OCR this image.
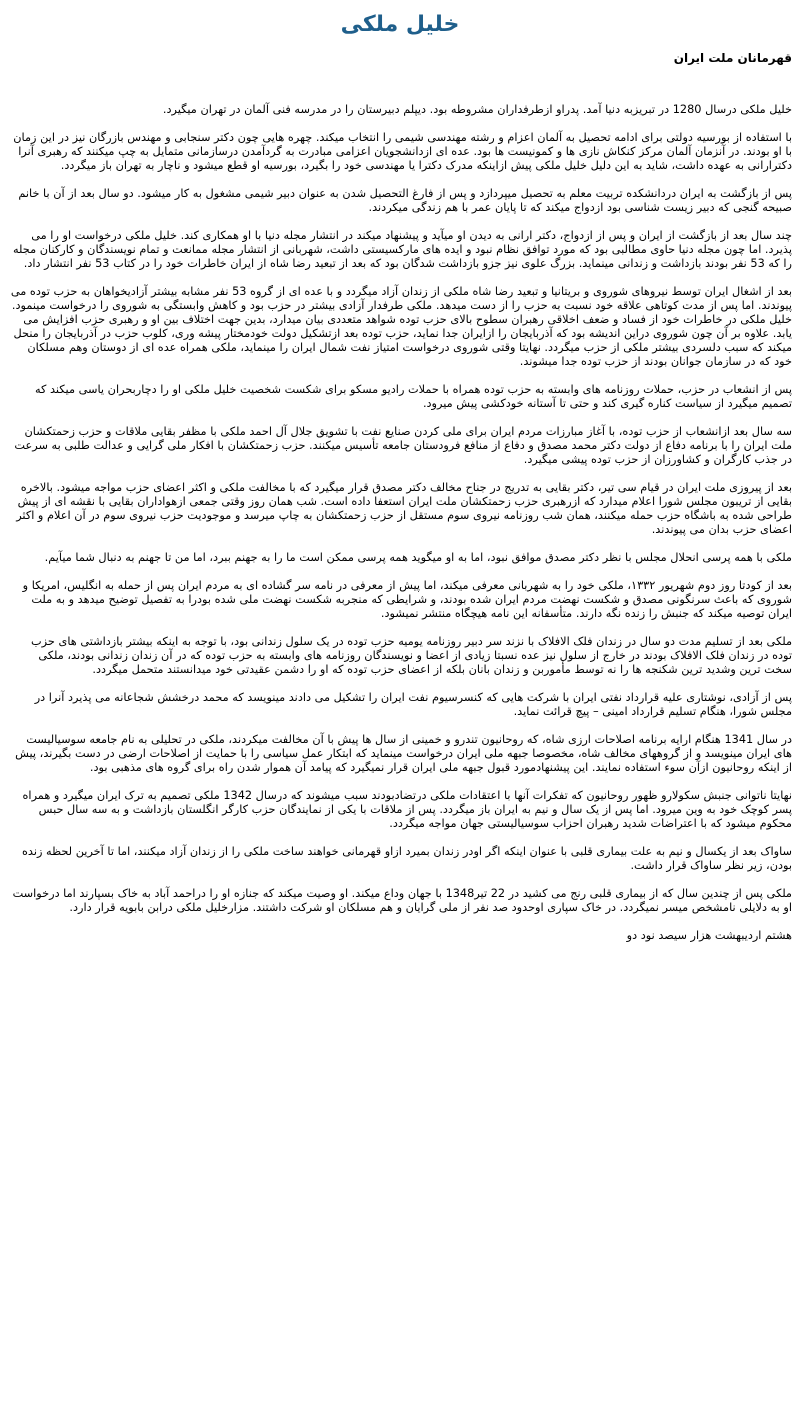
خلیل ملکی
قهرمانان ملت ایران

خلیل ملکی درسال 1280 در تبریزبه دنیا آمد. پدراو ازطرفداران مشروطه بود. دیپلم دبیرستان را در مدرسه فنی آلمان در تهران میگیرد.

با استفاده از بورسیه دولتی برای ادامه تحصیل به آلمان اعزام و رشته مهندسی شیمی را انتخاب میکند. چهره هایی چون دکتر سنجابی و مهندس بازرگان نیز در این زمان با او بودند. در آنزمان آلمان مرکز کنکاش نازی ها و کمونیست ها بود. عده ای ازدانشجویان اعزامی مبادرت به گردآمدن درسازمانی متمایل به چپ میکنند که رهبری آنرا دکترارانی به عهده داشت، شاید به این دلیل خلیل ملکی پیش ازاینکه مدرک دکترا یا مهندسی خود را بگیرد، بورسیه او قطع میشود و ناچار به تهران باز میگردد.

پس از بازگشت به ایران دردانشکده تربیت معلم به تحصیل میپردازد و پس از فارغ التحصیل شدن به عنوان دبیر شیمی مشغول به کار میشود. دو سال بعد از آن با خانم صبیحه گنجی که دبیر زیست شناسی بود ازدواج میکند که تا پایان عمر با هم زندگی میکردند.

چند سال بعد از بازگشت از ایران و پس از ازدواج، دکتر ارانی به دیدن او میآید و پیشنهاد میکند در انتشار مجله دنیا با او همکاری کند. خلیل ملکی درخواست او را می پذیرد. اما چون مجله دنیا حاوی مطالبی بود که مورد توافق نظام نبود و ایده های مارکسیستی داشت، شهربانی از انتشار مجله ممانعت و تمام نویسندگان و کارکنان مجله را که 53 نفر بودند بازداشت و زندانی مینماید. بزرگ علوی نیز جزو بازداشت شدگان بود که بعد از تبعید رضا شاه از ایران خاطرات خود را در کتاب 53 نفر انتشار داد.

بعد از اشغال ایران توسط نیروهای شوروی و بریتانیا و تبعید رضا شاه ملکی از زندان آزاد میگردد و با عده ای از گروه 53 نفر مشابه بیشتر آزادیخواهان به حزب توده می پیوندند. اما پس از مدت کوتاهی علاقه خود نسبت به حزب را از دست میدهد. ملکی طرفدار آزادی بیشتر در حزب بود و کاهش وابستگی به شوروی را درخواست مینمود. خلیل ملکی در خاطرات خود از فساد و ضعف اخلاقی رهبران سطوح بالای حزب توده شواهد متعددی بیان میدارد، بدین جهت اختلاف بین او و رهبری حزب افزایش می یابد. علاوه بر آن چون شوروی دراین اندیشه بود که آذربایجان را ازایران جدا نماید، حزب توده بعد ازتشکیل دولت خودمختار پیشه وری، کلوب حزب در آذربایجان را منحل میکند که سبب دلسردی بیشتر ملکی از حزب میگردد. نهایتا وقتی شوروی درخواست امتیاز نفت شمال ایران را مینماید، ملکی همراه عده ای از دوستان وهم مسلکان خود که در سازمان جوانان بودند از حزب توده جدا میشوند.

پس از انشعاب در حزب، حملات روزنامه های وابسته به حزب توده همراه با حملات رادیو مسکو برای شکست شخصیت خلیل ملکی او را دچاربحران یاسی میکند که تصمیم میگیرد از سیاست کناره گیری کند و حتی تا آستانه خودکشی پیش میرود.

سه سال بعد ازانشعاب از حزب توده، با آغاز مبارزات مردم ایران برای ملی کردن صنایع نفت با تشویق جلال آل احمد ملکی با مظفر بقایی ملاقات و حزب زحمتکشان ملت ایران را با برنامه دفاع از دولت دکتر محمد مصدق و دفاع از منافع فرودستان جامعه تأسیس میکنند. حزب زحمتکشان با افکار ملی گرایی و عدالت طلبی به سرعت در جذب کارگران و کشاورزان از حزب توده پیشی میگیرد.

بعد از پیروزی ملت ایران در قیام سی تیر، دکتر بقایی به تدریج در جناح مخالف دکتر مصدق قرار میگیرد که با مخالفت ملکی و اکثر اعضای حزب مواجه میشود. بالاخره بقایی از تریبون مجلس شورا اعلام میدارد که ازرهبری حزب زحمتکشان ملت ایران استعفا داده است. شب همان روز وقتی جمعی ازهواداران بقایی با نقشه ای از پیش طراحی شده به باشگاه حزب حمله میکنند، همان شب روزنامه نیروی سوم مستقل از حزب زحمتکشان به چاپ میرسد و موجودیت حزب نیروی سوم در آن اعلام و اکثر اعضای حزب بدان می پیوندند.

ملکی با همه پرسی انحلال مجلس با نظر دکتر مصدق موافق نبود، اما به او میگوید همه پرسی ممکن است ما را به جهنم ببرد، اما من تا جهنم به دنبال شما میآیم.

بعد از کودتا روز دوم شهریور ۱۳۳۲، ملکی خود را به شهربانی معرفی میکند، اما پیش از معرفی در نامه سر گشاده ای به مردم ایران پس از حمله به انگلیس، امریکا و شوروی که باعث سرنگونی مصدق و شکست نهضت مردم ایران شده بودند، و شرایطی که منجربه شکست نهضت ملی شده بودرا به تفصیل توضیح میدهد و به ملت ایران توصیه میکند که جنبش را زنده نگه دارند. متأسفانه این نامه هیچگاه منتشر نمیشود.

ملکی بعد از تسلیم مدت دو سال در زندان فلک الافلاک با نزند سر دبیر روزنامه یومیه حزب توده در یک سلول زندانی بود، با توجه به اینکه بیشتر بازداشتی های حزب توده در زندان فلک الافلاک بودند در خارج از سلول نیز عده نسبتا زیادی از اعضا و نویسندگان روزنامه های وابسته به حزب توده که در آن زندان زندانی بودند، ملکی سخت ترین وشدید ترین شکنجه ها را نه توسط مأموربن و زندان بانان بلکه از اعضای حزب توده که او را دشمن عقیدتی خود میدانستند متحمل میگردد.

پس از آزادی، نوشتاری علیه قرارداد نفتی ایران با شرکت هایی که کنسرسیوم نفت ایران را تشکیل می دادند مینویسد که محمد درخشش شجاعانه می پذیرد آنرا در مجلس شورا، هنگام تسلیم قرارداد امینی – پیچ قرائت نماید.

در سال 1341 هنگام ارایه برنامه اصلاحات ارزی شاه، که روحانیون تندرو و خمینی از سال ها پیش با آن مخالفت میکردند، ملکی در تحلیلی به نام جامعه سوسیالیست های ایران مینویسد و از گروههای مخالف شاه، مخصوصا جبهه ملی ایران درخواست مینماید که ابتکار عمل سیاسی را با حمایت از اصلاحات ارضی در دست بگیرند، پیش از اینکه روحانیون ازآن سوء استفاده نمایند. این پیشنهادمورد قبول جبهه ملی ایران قرار نمیگیرد که پیامد آن هموار شدن راه برای گروه های مذهبی بود.

نهایتا ناتوانی جنبش سکولارو ظهور روحانیون که تفکرات آنها با اعتقادات ملکی درتضادبودند سبب میشوند که درسال 1342 ملکی تصمیم به ترک ایران میگیرد و همراه پسر کوچک خود به وین میرود. اما پس از یک سال و نیم به ایران باز میگردد. پس از ملاقات با یکی از نمایندگان حزب کارگر انگلستان بازداشت و به سه سال حبس محکوم میشود که با اعتراضات شدید رهبران احزاب سوسیالیستی جهان مواجه میگردد.

ساواک بعد از یکسال و نیم به علت بیماری قلبی با عنوان اینکه اگر اودر زندان بمیرد ازاو قهرمانی خواهند ساخت ملکی را از زندان آزاد میکنند، اما تا آخرین لحظه زنده بودن، زیر نظر ساواک قرار داشت.

ملکی پس از چندین سال که از بیماری قلبی رنج می کشید در 22 تیر1348 با جهان وداع میکند. او وصیت میکند که جنازه او را دراحمد آباد به خاک بسپارند اما درخواست او به دلایلی نامشخص میسر نمیگردد. در خاک سپاری اوحدود صد نفر از ملی گرایان و هم مسلکان او شرکت داشتند. مزارخلیل ملکی درابن بابویه قرار دارد.

هشتم اردیبهشت هزار سیصد نود دو
